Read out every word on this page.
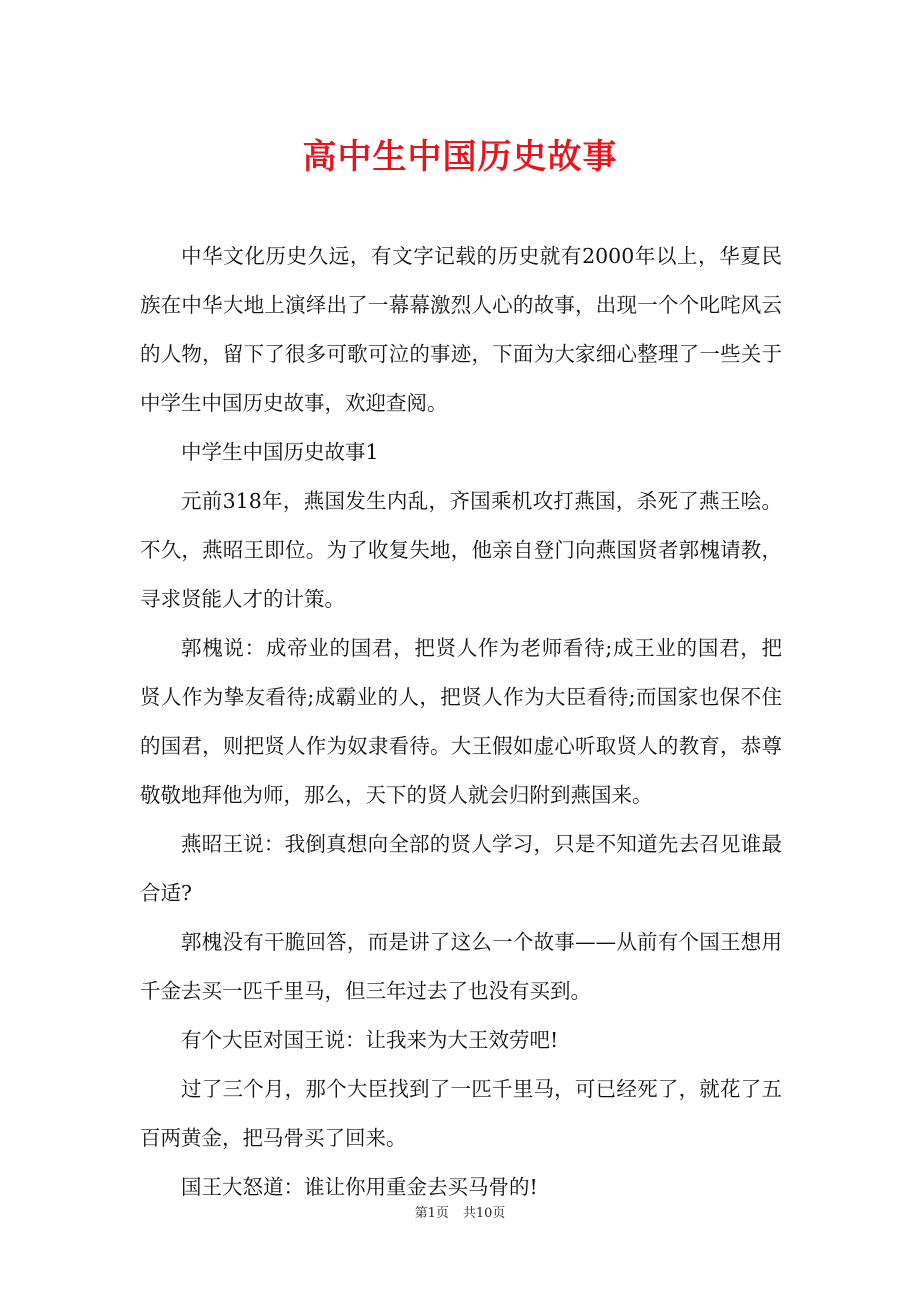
高中生中国历史故事

中华文化历史久远，有文字记载的历史就有2000年以上，华夏民族在中华大地上演绎出了一幕幕激烈人心的故事，出现一个个叱咤风云的人物，留下了很多可歌可泣的事迹，下面为大家细心整理了一些关于中学生中国历史故事，欢迎查阅。

中学生中国历史故事1

元前318年，燕国发生内乱，齐国乘机攻打燕国，杀死了燕王哙。不久，燕昭王即位。为了收复失地，他亲自登门向燕国贤者郭槐请教，寻求贤能人才的计策。

郭槐说：成帝业的国君，把贤人作为老师看待;成王业的国君，把贤人作为挚友看待;成霸业的人，把贤人作为大臣看待;而国家也保不住的国君，则把贤人作为奴隶看待。大王假如虚心听取贤人的教育，恭尊敬敬地拜他为师，那么，天下的贤人就会归附到燕国来。

燕昭王说：我倒真想向全部的贤人学习，只是不知道先去召见谁最合适?

郭槐没有干脆回答，而是讲了这么一个故事——从前有个国王想用千金去买一匹千里马，但三年过去了也没有买到。

有个大臣对国王说：让我来为大王效劳吧!

过了三个月，那个大臣找到了一匹千里马，可已经死了，就花了五百两黄金，把马骨买了回来。

国王大怒道：谁让你用重金去买马骨的!

第1页 共10页
